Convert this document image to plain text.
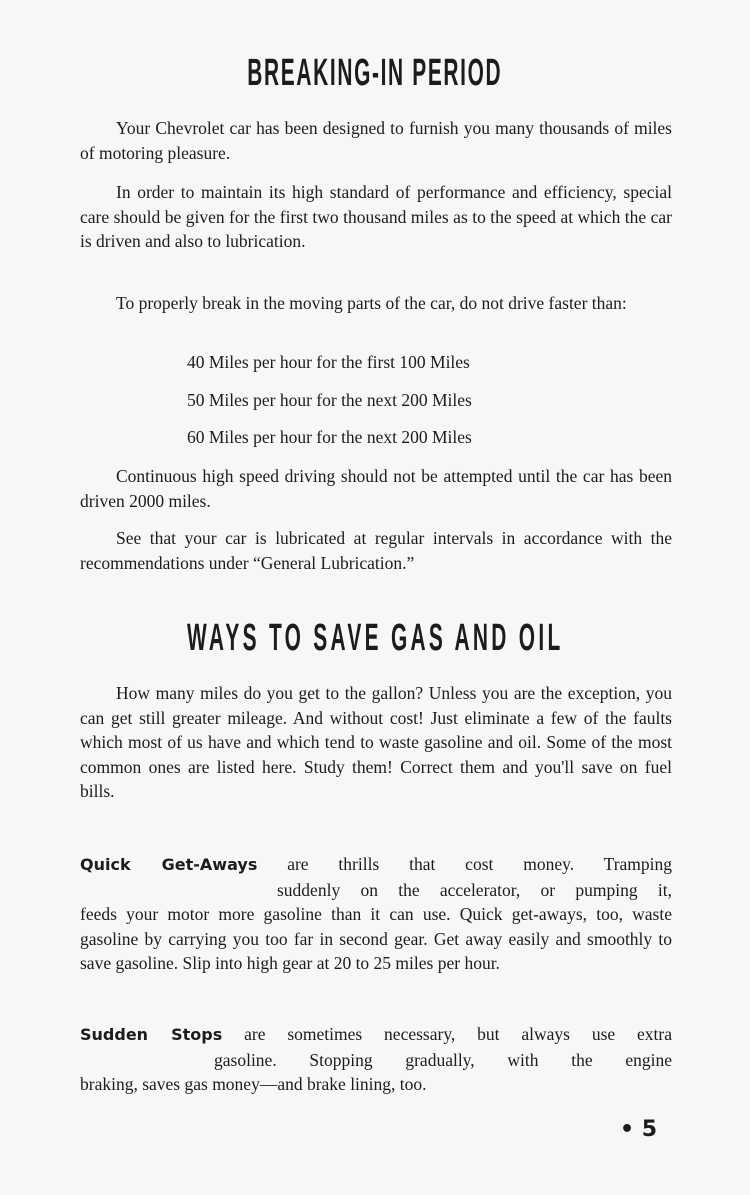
BREAKING-IN PERIOD
Your Chevrolet car has been designed to furnish you many thousands of miles of motoring pleasure.
In order to maintain its high standard of performance and efficiency, special care should be given for the first two thousand miles as to the speed at which the car is driven and also to lubrication.
To properly break in the moving parts of the car, do not drive faster than:
40 Miles per hour for the first 100 Miles
50 Miles per hour for the next 200 Miles
60 Miles per hour for the next 200 Miles
Continuous high speed driving should not be attempted until the car has been driven 2000 miles.
See that your car is lubricated at regular intervals in accordance with the recommendations under “General Lubrication.”
WAYS TO SAVE GAS AND OIL
How many miles do you get to the gallon? Unless you are the exception, you can get still greater mileage. And without cost! Just eliminate a few of the faults which most of us have and which tend to waste gasoline and oil. Some of the most common ones are listed here. Study them! Correct them and you'll save on fuel bills.
Quick Get-Aways are thrills that cost money. Tramping
suddenly on the accelerator, or pumping it,
feeds your motor more gasoline than it can use. Quick get-aways, too, waste gasoline by carrying you too far in second gear. Get away easily and smoothly to save gasoline. Slip into high gear at 20 to 25 miles per hour.
Sudden Stops are sometimes necessary, but always use extra
gasoline. Stopping gradually, with the engine
braking, saves gas money—and brake lining, too.
• 5
